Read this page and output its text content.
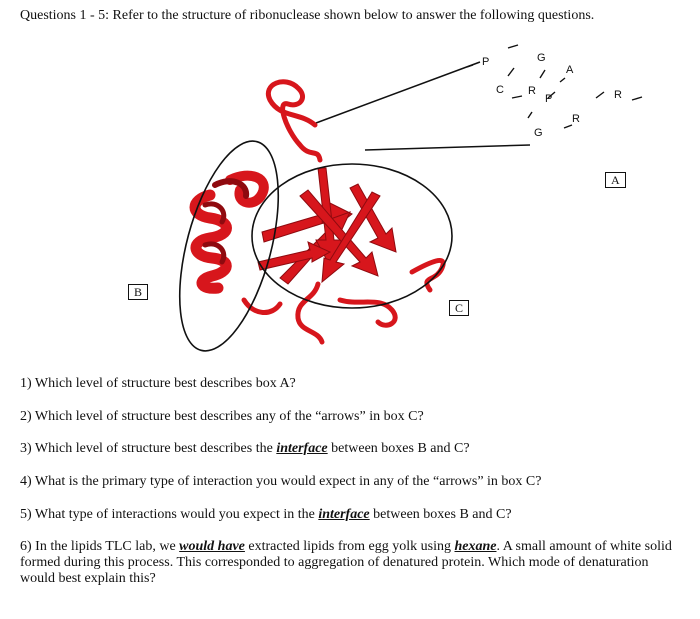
Questions 1 - 5: Refer to the structure of ribonuclease shown below to answer the following questions.
P	G
A
C R
P
R
G
R
A
B
C
1) Which level of structure best describes box A?
2) Which level of structure best describes any of the “arrows” in box C?
3) Which level of structure best describes the interface between boxes B and C?
4) What is the primary type of interaction you would expect in any of the “arrows” in box C?
5) What type of interactions would you expect in the interface between boxes B and C?
6) In the lipids TLC lab, we would have extracted lipids from egg yolk using hexane. A small amount of white solid formed during this process. This corresponded to aggregation of denatured protein. Which mode of denaturation would best explain this?
